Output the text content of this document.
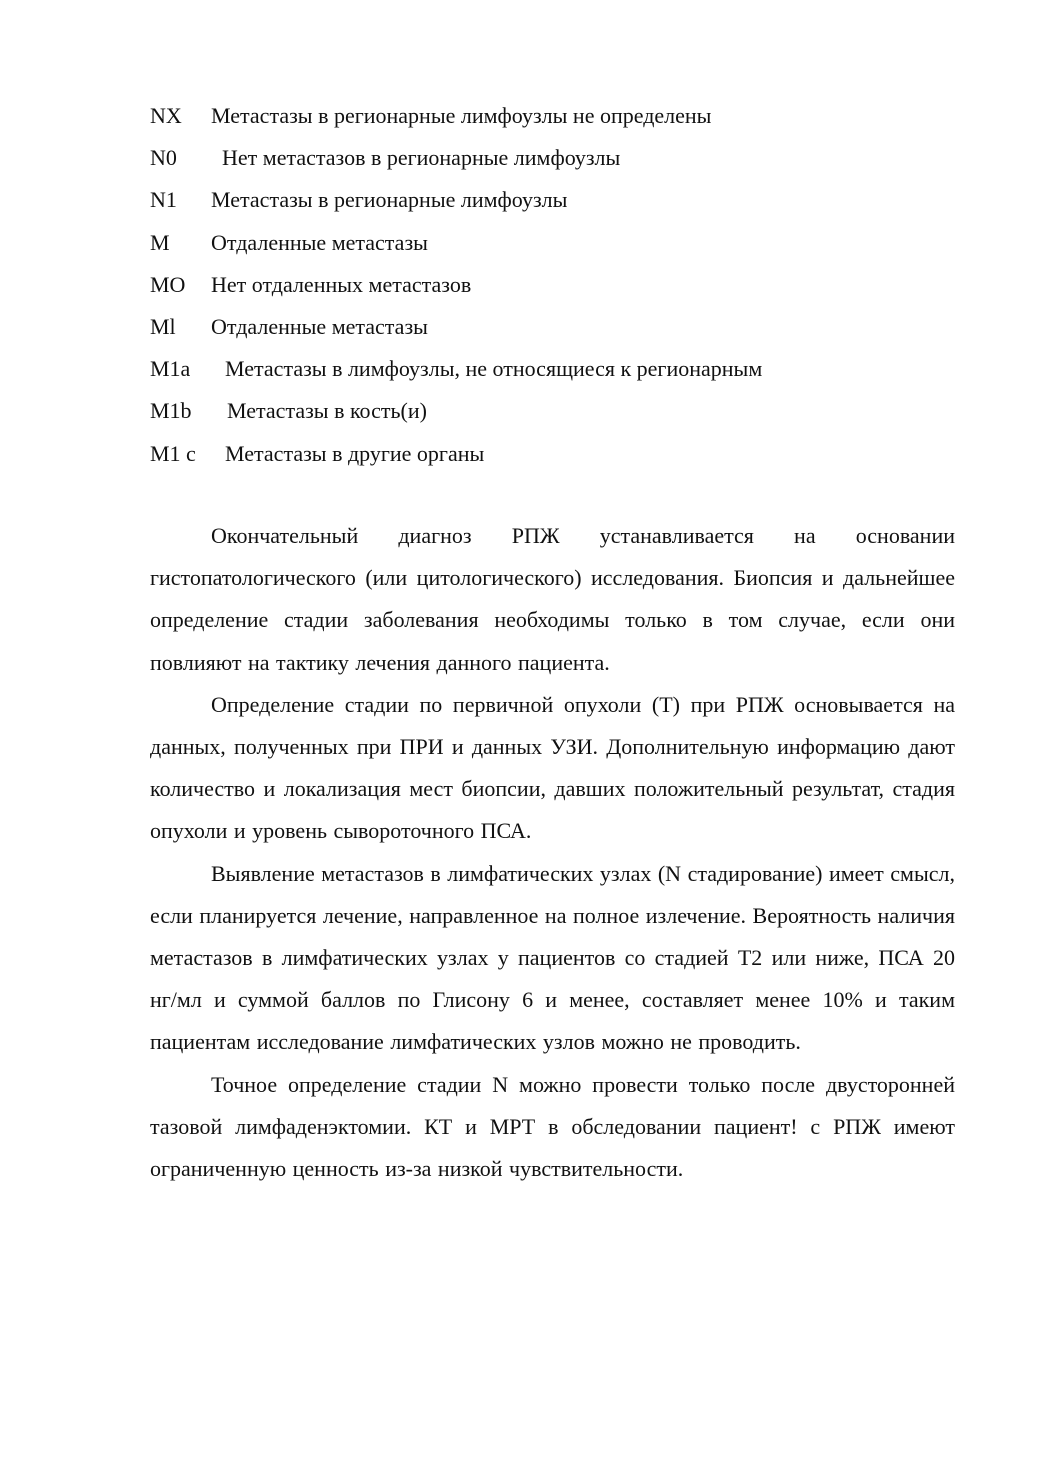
NX Метастазы в регионарные лимфоузлы не определены
N0 Нет метастазов в регионарные лимфоузлы
N1 Метастазы в регионарные лимфоузлы
M Отдаленные метастазы
MO Нет отдаленных метастазов
Ml Отдаленные метастазы
M1a Метастазы в лимфоузлы, не относящиеся к регионарным
M1b Метастазы в кость(и)
M1 c Метастазы в другие органы

Окончательный диагноз РПЖ устанавливается на основании гистопатологического (или цитологического) исследования. Биопсия и дальнейшее определение стадии заболевания необходимы только в том случае, если они повлияют на тактику лечения данного пациента.

Определение стадии по первичной опухоли (Т) при РПЖ основывается на данных, полученных при ПРИ и данных УЗИ. Дополнительную информацию дают количество и локализация мест биопсии, давших положительный результат, стадия опухоли и уровень сывороточного ПСА.

Выявление метастазов в лимфатических узлах (N стадирование) имеет смысл, если планируется лечение, направленное на полное излечение. Вероятность наличия метастазов в лимфатических узлах у пациентов со стадией Т2 или ниже, ПСА 20 нг/мл и суммой баллов по Глисону 6 и менее, составляет менее 10% и таким пациентам исследование лимфатических узлов можно не проводить.

Точное определение стадии N можно провести только после двусторонней тазовой лимфаденэктомии. КТ и МРТ в обследовании пациент! с РПЖ имеют ограниченную ценность из-за низкой чувствительности.
